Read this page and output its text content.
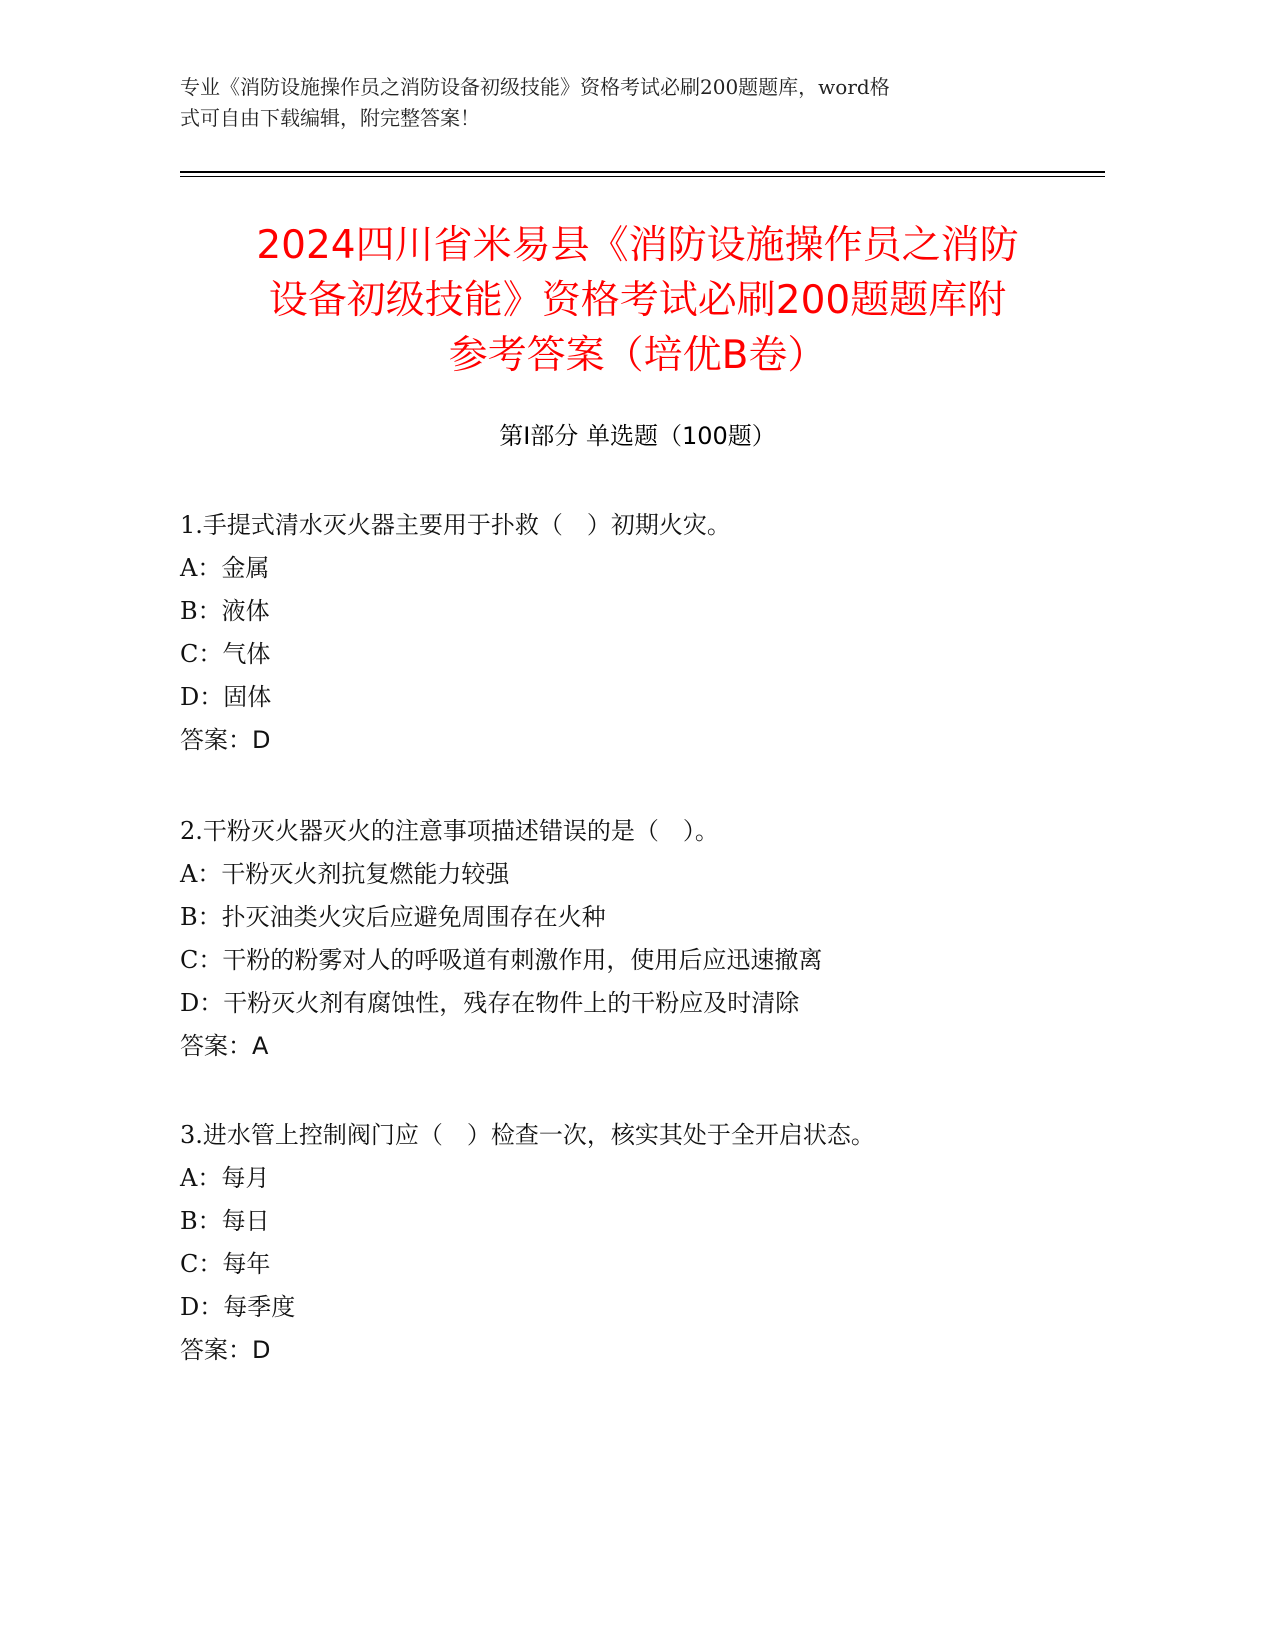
专业《消防设施操作员之消防设备初级技能》资格考试必刷200题题库，word格
式可自由下载编辑，附完整答案！
2024四川省米易县《消防设施操作员之消防
设备初级技能》资格考试必刷200题题库附
参考答案（培优B卷）
第Ⅰ部分 单选题（100题）
1.手提式清水灭火器主要用于扑救（　）初期火灾。
A：金属
B：液体
C：气体
D：固体
答案：D
2.干粉灭火器灭火的注意事项描述错误的是（　）。
A：干粉灭火剂抗复燃能力较强
B：扑灭油类火灾后应避免周围存在火种
C：干粉的粉雾对人的呼吸道有刺激作用，使用后应迅速撤离
D：干粉灭火剂有腐蚀性，残存在物件上的干粉应及时清除
答案：A
3.进水管上控制阀门应（　）检查一次，核实其处于全开启状态。
A：每月
B：每日
C：每年
D：每季度
答案：D
